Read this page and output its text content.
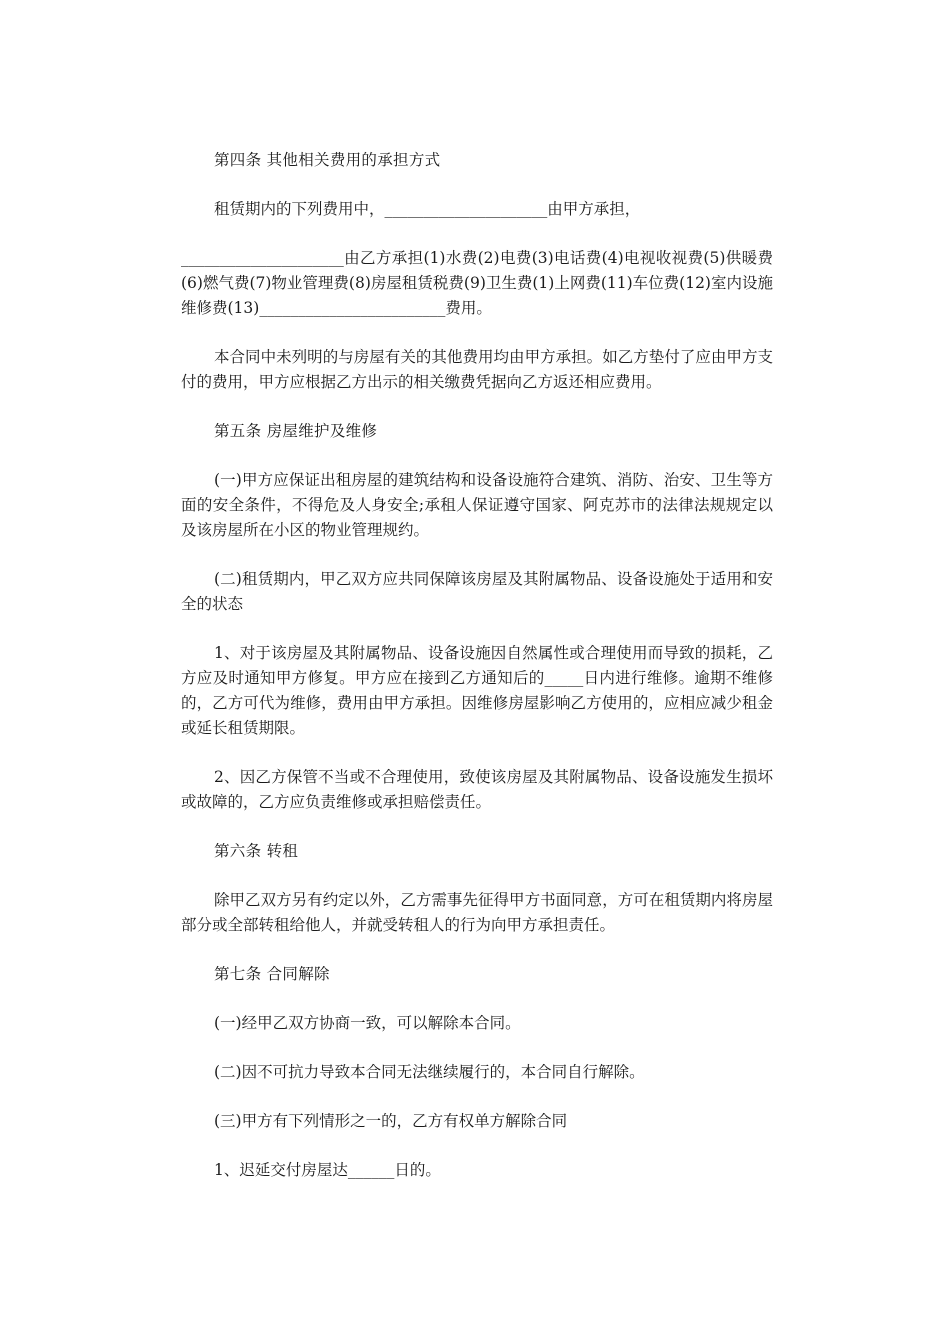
第四条 其他相关费用的承担方式

租赁期内的下列费用中，_____________________由甲方承担，

_____________________由乙方承担(1)水费(2)电费(3)电话费(4)电视收视费(5)供暖费(6)燃气费(7)物业管理费(8)房屋租赁税费(9)卫生费(1)上网费(11)车位费(12)室内设施维修费(13)________________________费用。

本合同中未列明的与房屋有关的其他费用均由甲方承担。如乙方垫付了应由甲方支付的费用，甲方应根据乙方出示的相关缴费凭据向乙方返还相应费用。

第五条 房屋维护及维修

(一)甲方应保证出租房屋的建筑结构和设备设施符合建筑、消防、治安、卫生等方面的安全条件，不得危及人身安全;承租人保证遵守国家、阿克苏市的法律法规规定以及该房屋所在小区的物业管理规约。

(二)租赁期内，甲乙双方应共同保障该房屋及其附属物品、设备设施处于适用和安全的状态

1、对于该房屋及其附属物品、设备设施因自然属性或合理使用而导致的损耗，乙方应及时通知甲方修复。甲方应在接到乙方通知后的_____日内进行维修。逾期不维修的，乙方可代为维修，费用由甲方承担。因维修房屋影响乙方使用的，应相应减少租金或延长租赁期限。

2、因乙方保管不当或不合理使用，致使该房屋及其附属物品、设备设施发生损坏或故障的，乙方应负责维修或承担赔偿责任。

第六条 转租

除甲乙双方另有约定以外，乙方需事先征得甲方书面同意，方可在租赁期内将房屋部分或全部转租给他人，并就受转租人的行为向甲方承担责任。

第七条 合同解除

(一)经甲乙双方协商一致，可以解除本合同。

(二)因不可抗力导致本合同无法继续履行的，本合同自行解除。

(三)甲方有下列情形之一的，乙方有权单方解除合同

1、迟延交付房屋达______日的。
